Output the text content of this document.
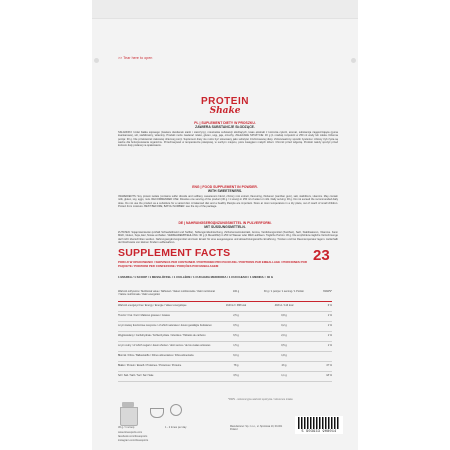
>> Tear here to open
PROTEIN
Shake
PL | SUPLEMENT DIETY W PROSZKU.
ZAWIERA SUBSTANCJE SŁODZĄCE.
SKŁADNIKI: Izolat białka sojowego (zawiera dwutlenek siarki i siarczyny), mieszanka substancji słodzących, kwas ekstrakt z korzenia cykorii, aromat, substancja zagęszczająca (guma ksantanowa), sól, stabilizatory, witaminy. Produkt może zawierać mleko, gluten, soję, jaja, orzechy. ZALECANE SPOŻYCIE: 30 g (1 miarka) rozpuścić w 250 ml wody lub mleka. Dzienna porcja: 30 g. Nie przekraczać zalecanej dziennej porcji. Suplement diety nie może być stosowany jako substytut zróżnicowanej diety. Zrównoważony sposób żywienia i zdrowy tryb życia są ważne dla funkcjonowania organizmu. Przechowywać w temperaturze pokojowej, w suchym miejscu, poza zasięgiem małych dzieci. Chronić przed wilgocią. Produkt należy spożyć przed końcem daty podanej na opakowaniu.
ENG | FOOD SUPPLEMENT IN POWDER.
WITH SWEETENERS.
INGREDIENTS: Soy protein isolate (contains sulfur dioxide and sulfites), sweeteners blend, chicory root extract, flavouring, thickener (xanthan gum), salt, stabilizers, vitamins. May contain milk, gluten, soy, eggs, nuts. RECOMMENDED USE: Dissolve one serving of the product (30 g / 1 scoop) in 250 ml of water or milk. Daily serving: 30 g. Do not exceed the recommended daily dose. Do not use the product as a substitute for a varied diet. A balanced diet and a healthy lifestyle are important. Store at room temperature in a dry place, out of reach of small children. Protect from moisture. BEST BEFORE, BATCH NUMBER: see the top of the package.
DE | NAHRUNGSERGÄNZUNGSMITTEL IN PULVERFORM.
MIT SÜSSUNGSMITTELN.
ZUTATEN: Sojaproteinisolat (enthält Schwefeldioxid und Sulfite), Süßungsmittelmischung, Zichorienwurzelextrakt, Aroma, Verdickungsmittel (Xanthan), Salz, Stabilisatoren, Vitamine. Kann Milch, Gluten, Soja, Eier, Nüsse enthalten. VERZEHREMPFEHLUNG: 30 g (1 Messlöffel) in 250 ml Wasser oder Milch auflösen. Tägliche Portion: 30 g. Die empfohlene tägliche Verzehrmenge darf nicht überschritten werden. Nahrungsergänzungsmittel sind kein Ersatz für eine ausgewogene und abwechslungsreiche Ernährung. Trocken und bei Raumtemperatur lagern. Außerhalb der Reichweite von kleinen Kindern aufbewahren.
SUPPLEMENT FACTS	23
PORCJI W OPAKOWANIU / SERVINGS PER CONTAINER / PORTIONEN PRO PACKUNG / PORTIONS PAR EMBALLAGE / PORCIONES POR PAQUETE / PORZIONI PER CONFEZIONE / PORÇÕES POR EMBALAGEM
1 MIARKA / 1 SCOOP / 1 MESSLÖFFEL / 1 CUILLÈRE / 1 CUCHARA MEDIDORA / 1 CUCCHIAIO / 1 MEDIDA = 30 G
Wartość odżywcza / Nutritional value / Nährwert / Valeur nutritionnelle / Valor nutricional / Valore nutrizionale / Valor energético
100 g	30 g / 1 porcja / 1 serving / 1 Portion	%RWS*
Wartość energetyczna / Energy / Energie / Valeur énergétique	1643 kJ / 388 kcal	493 kJ / 116 kcal	6 %
Tłuszcz / Fat / Fett / Matières grasses / Grasas	2,5 g	0,8 g	1 %
w tym kwasy tłuszczowe nasycone / of which saturates / davon gesättigte Fettsäuren	0,5 g	0,2 g	1 %
Węglowodany / Carbohydrate / Kohlenhydrate / Glucides / Hidratos de carbono	6,5 g	2,0 g	1 %
w tym cukry / of which sugars / davon Zucker / dont sucres / de los cuales azúcares	1,5 g	0,5 g	1 %
Błonnik / Fibre / Ballaststoffe / Fibres alimentaires / Fibra alimentaria	6,0 g	1,8 g
Białko / Protein / Eiweiß / Protéines / Proteínas / Proteine	78 g	23 g	47 %
Sól / Salt / Salz / Sel / Sal / Sale	3,5 g	1,1 g	18 %
*RWS - referencyjna wartość spożycia / reference intake
30 g / 1 scoop	1 - 2 times per day
www.ilovesports.com
facebook.com/ilovesports
instagram.com/ilovesports
Manufacturer: Sp. z o.o., ul. Sportowa 10, 00-001 Poland	5 903933 908014
